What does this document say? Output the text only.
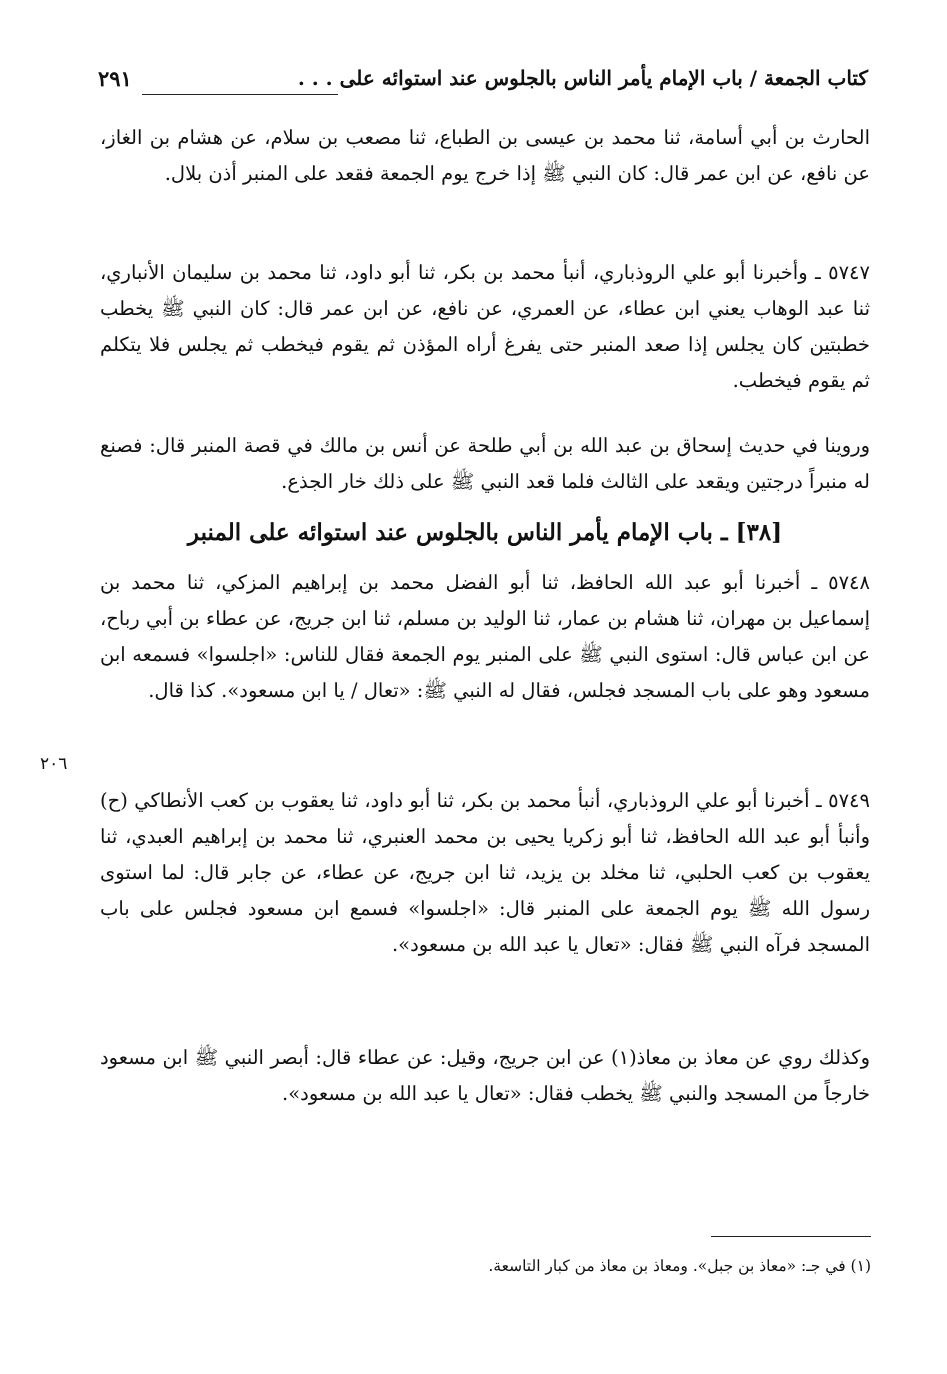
كتاب الجمعة / باب الإمام يأمر الناس بالجلوس عند استوائه على . . .
٢٩١

الحارث بن أبي أسامة، ثنا محمد بن عيسى بن الطباع، ثنا مصعب بن سلام، عن هشام بن الغاز، عن نافع، عن ابن عمر قال: كان النبي ﷺ إذا خرج يوم الجمعة فقعد على المنبر أذن بلال.

٥٧٤٧ ـ وأخبرنا أبو علي الروذباري، أنبأ محمد بن بكر، ثنا أبو داود، ثنا محمد بن سليمان الأنباري، ثنا عبد الوهاب يعني ابن عطاء، عن العمري، عن نافع، عن ابن عمر قال: كان النبي ﷺ يخطب خطبتين كان يجلس إذا صعد المنبر حتى يفرغ أراه المؤذن ثم يقوم فيخطب ثم يجلس فلا يتكلم ثم يقوم فيخطب.

وروينا في حديث إسحاق بن عبد الله بن أبي طلحة عن أنس بن مالك في قصة المنبر قال: فصنع له منبراً درجتين ويقعد على الثالث فلما قعد النبي ﷺ على ذلك خار الجذع.

[٣٨] ـ باب الإمام يأمر الناس بالجلوس عند استوائه على المنبر

٥٧٤٨ ـ أخبرنا أبو عبد الله الحافظ، ثنا أبو الفضل محمد بن إبراهيم المزكي، ثنا محمد بن إسماعيل بن مهران، ثنا هشام بن عمار، ثنا الوليد بن مسلم، ثنا ابن جريج، عن عطاء بن أبي رباح، عن ابن عباس قال: استوى النبي ﷺ على المنبر يوم الجمعة فقال للناس: «اجلسوا» فسمعه ابن مسعود وهو على باب المسجد فجلس، فقال له النبي ﷺ: «تعال / يا ابن مسعود». كذا قال.

٢٠٦

٥٧٤٩ ـ أخبرنا أبو علي الروذباري، أنبأ محمد بن بكر، ثنا أبو داود، ثنا يعقوب بن كعب الأنطاكي (ح) وأنبأ أبو عبد الله الحافظ، ثنا أبو زكريا يحيى بن محمد العنبري، ثنا محمد بن إبراهيم العبدي، ثنا يعقوب بن كعب الحلبي، ثنا مخلد بن يزيد، ثنا ابن جريج، عن عطاء، عن جابر قال: لما استوى رسول الله ﷺ يوم الجمعة على المنبر قال: «اجلسوا» فسمع ابن مسعود فجلس على باب المسجد فرآه النبي ﷺ فقال: «تعال يا عبد الله بن مسعود».

وكذلك روي عن معاذ بن معاذ(١) عن ابن جريج، وقيل: عن عطاء قال: أبصر النبي ﷺ ابن مسعود خارجاً من المسجد والنبي ﷺ يخطب فقال: «تعال يا عبد الله بن مسعود».

(١) في جـ: «معاذ بن جبل». ومعاذ بن معاذ من كبار التاسعة.
